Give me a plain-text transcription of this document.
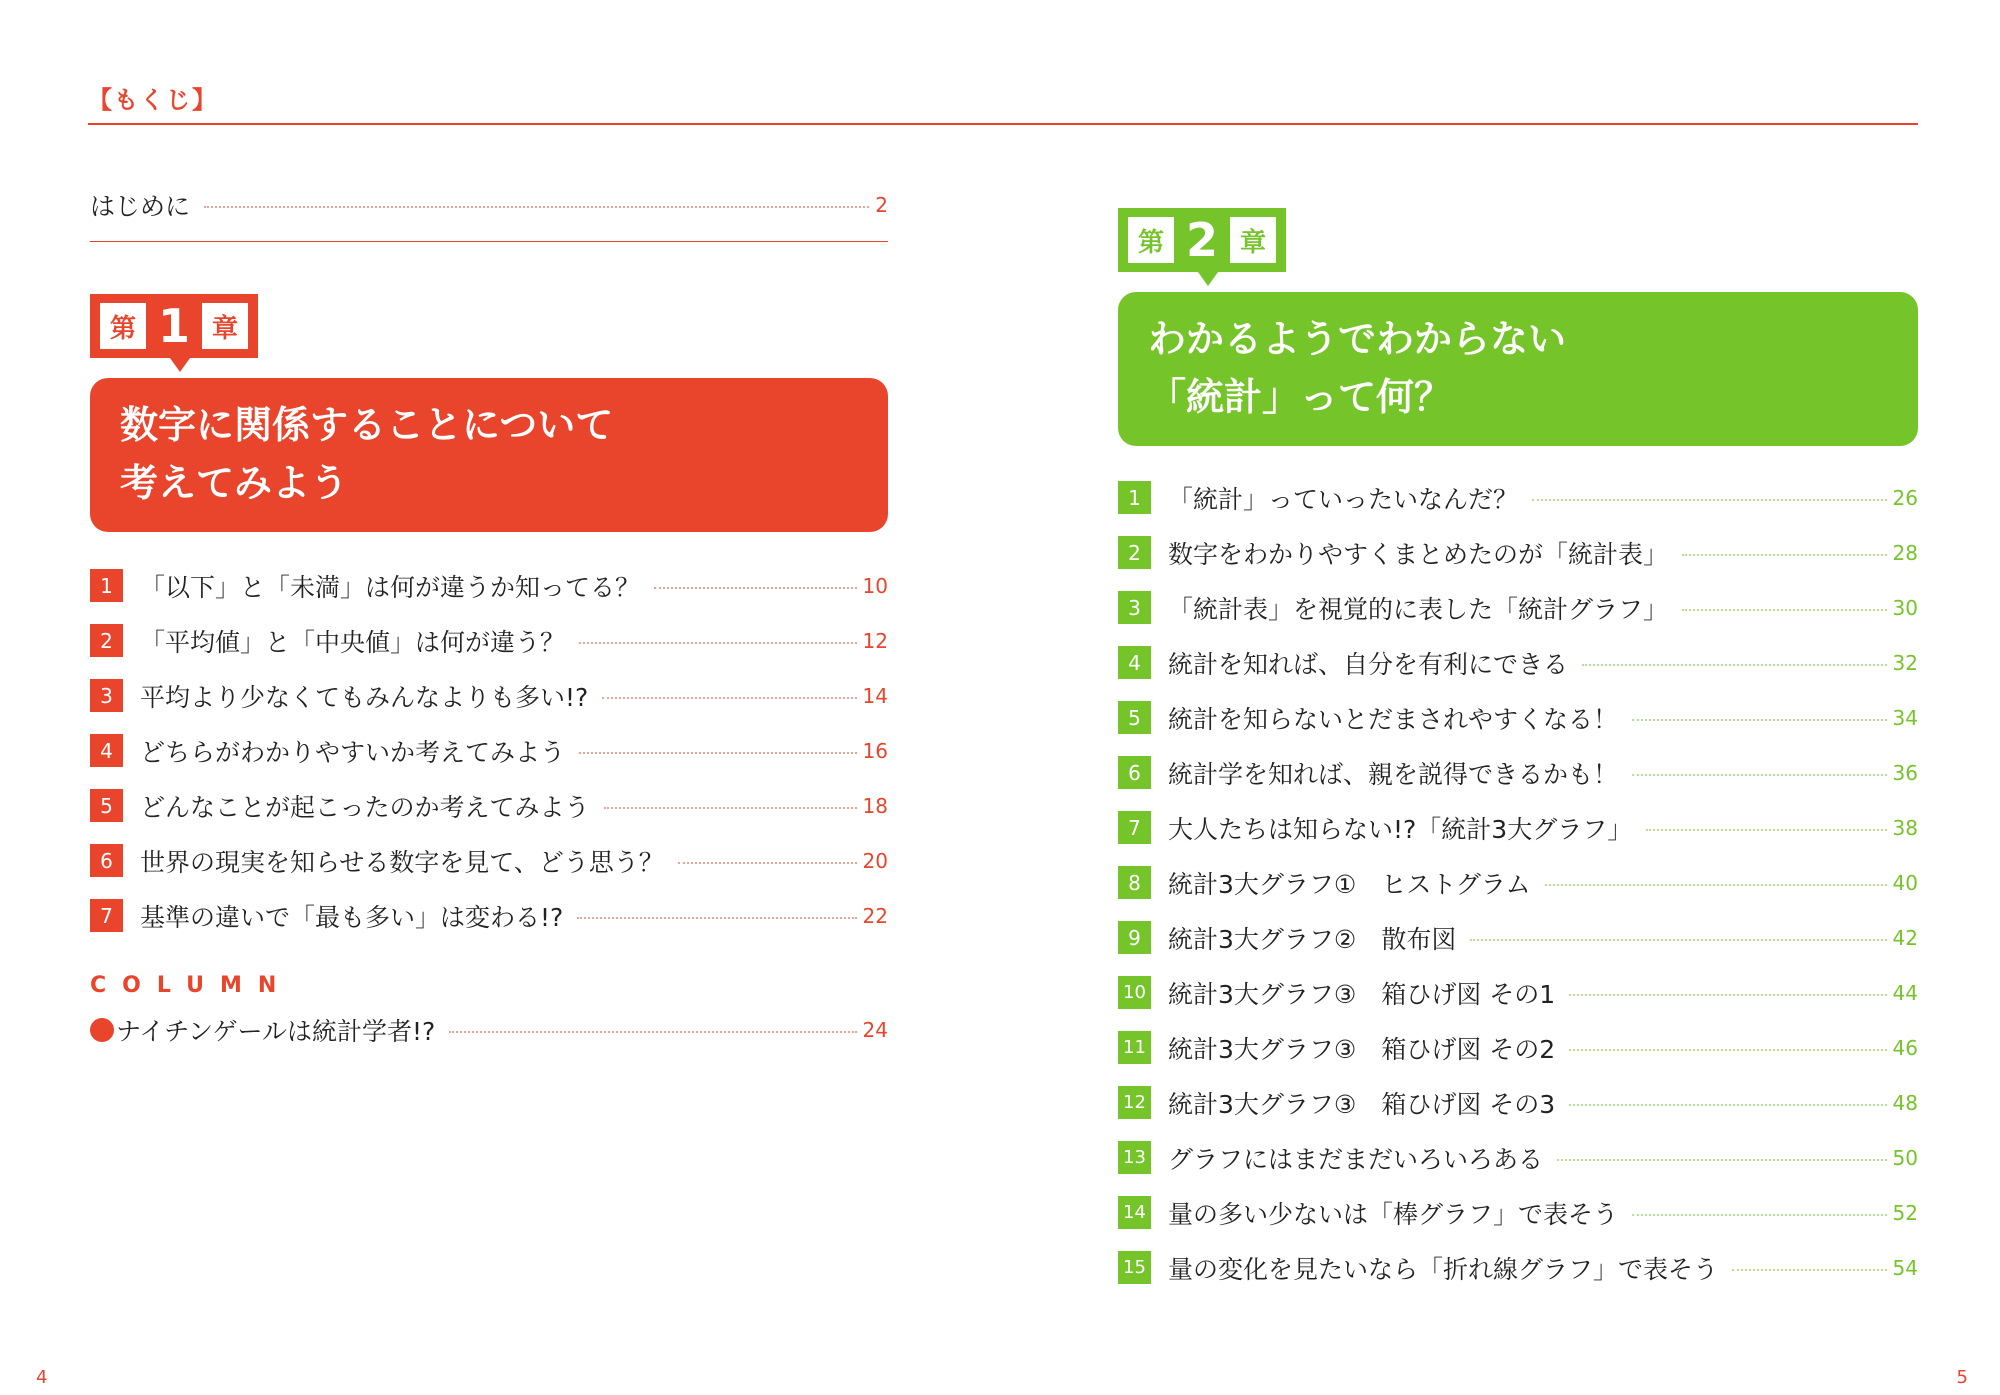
【もくじ】
はじめに	2
第 1 章
数字に関係することについて
考えてみよう
1	「以下」と「未満」は何が違うか知ってる？	10
2	「平均値」と「中央値」は何が違う？	12
3	平均より少なくてもみんなよりも多い!?	14
4	どちらがわかりやすいか考えてみよう	16
5	どんなことが起こったのか考えてみよう	18
6	世界の現実を知らせる数字を見て、どう思う？	20
7	基準の違いで「最も多い」は変わる!?	22
COLUMN
ナイチンゲールは統計学者!?	24
第 2 章
わかるようでわからない
「統計」って何？
1	「統計」っていったいなんだ？	26
2	数字をわかりやすくまとめたのが「統計表」	28
3	「統計表」を視覚的に表した「統計グラフ」	30
4	統計を知れば、自分を有利にできる	32
5	統計を知らないとだまされやすくなる！	34
6	統計学を知れば、親を説得できるかも！	36
7	大人たちは知らない!?「統計3大グラフ」	38
8	統計3大グラフ①　ヒストグラム	40
9	統計3大グラフ②　散布図	42
10 統計3大グラフ③　箱ひげ図 その1	44
11 統計3大グラフ③　箱ひげ図 その2	46
12 統計3大グラフ③　箱ひげ図 その3	48
13 グラフにはまだまだいろいろある	50
14 量の多い少ないは「棒グラフ」で表そう	52
15 量の変化を見たいなら「折れ線グラフ」で表そう	54
4	5
